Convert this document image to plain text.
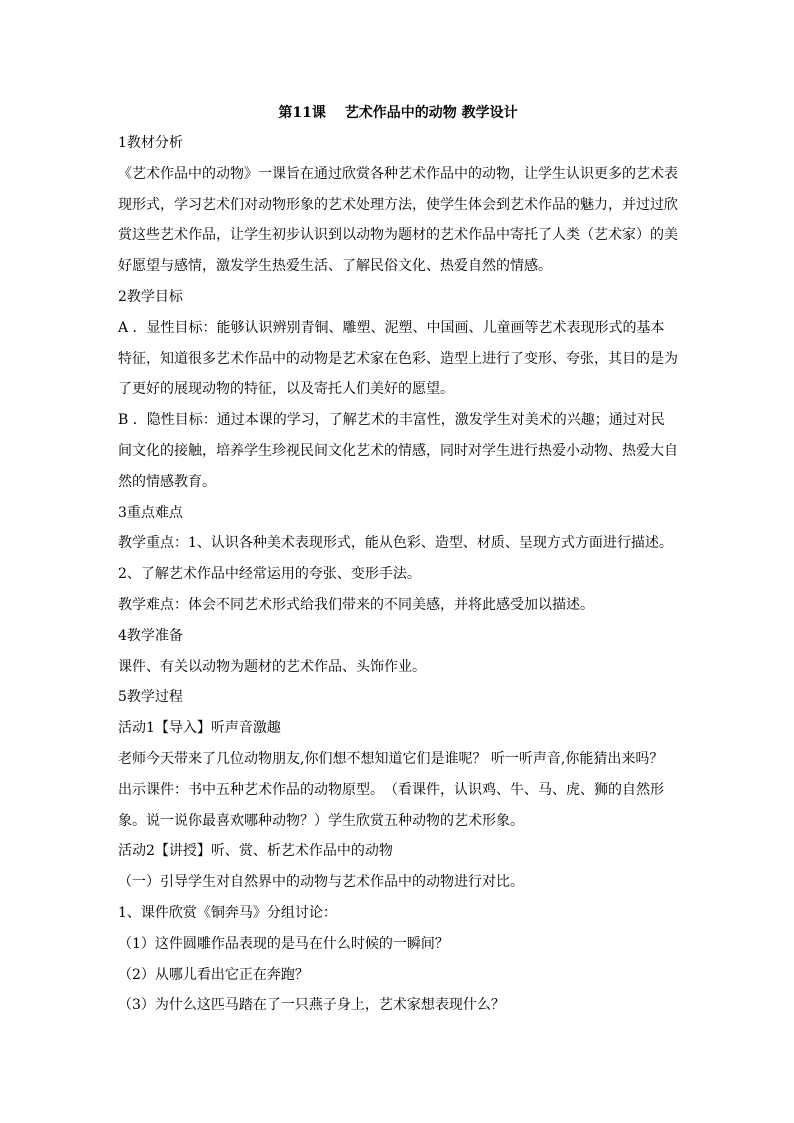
第11课　 艺术作品中的动物 教学设计
1教材分析
《艺术作品中的动物》一课旨在通过欣赏各种艺术作品中的动物，让学生认识更多的艺术表
现形式，学习艺术们对动物形象的艺术处理方法，使学生体会到艺术作品的魅力，并过过欣
赏这些艺术作品，让学生初步认识到以动物为题材的艺术作品中寄托了人类（艺术家）的美
好愿望与感情，激发学生热爱生活、了解民俗文化、热爱自然的情感。
2教学目标
A ．显性目标：能够认识辨别青铜、雕塑、泥塑、中国画、儿童画等艺术表现形式的基本
特征，知道很多艺术作品中的动物是艺术家在色彩、造型上进行了变形、夸张，其目的是为
了更好的展现动物的特征，以及寄托人们美好的愿望。
B ．隐性目标：通过本课的学习，了解艺术的丰富性，激发学生对美术的兴趣；通过对民
间文化的接触，培养学生珍视民间文化艺术的情感，同时对学生进行热爱小动物、热爱大自
然的情感教育。
3重点难点
教学重点：1、认识各种美术表现形式，能从色彩、造型、材质、呈现方式方面进行描述。
2、了解艺术作品中经常运用的夸张、变形手法。
教学难点：体会不同艺术形式给我们带来的不同美感，并将此感受加以描述。
4教学准备
课件、有关以动物为题材的艺术作品、头饰作业。
5教学过程
活动1【导入】听声音激趣
老师今天带来了几位动物朋友,你们想不想知道它们是谁呢？ 听一听声音,你能猜出来吗？
出示课件：书中五种艺术作品的动物原型。　（看课件，认识鸡、牛、马、虎、狮的自然形
象。说一说你最喜欢哪种动物？）学生欣赏五种动物的艺术形象。
活动2【讲授】听、赏、析艺术作品中的动物
（一）引导学生对自然界中的动物与艺术作品中的动物进行对比。
1、课件欣赏《铜奔马》分组讨论：
（1）这件圆雕作品表现的是马在什么时候的一瞬间？
（2）从哪儿看出它正在奔跑？
（3）为什么这匹马踏在了一只燕子身上，艺术家想表现什么？
